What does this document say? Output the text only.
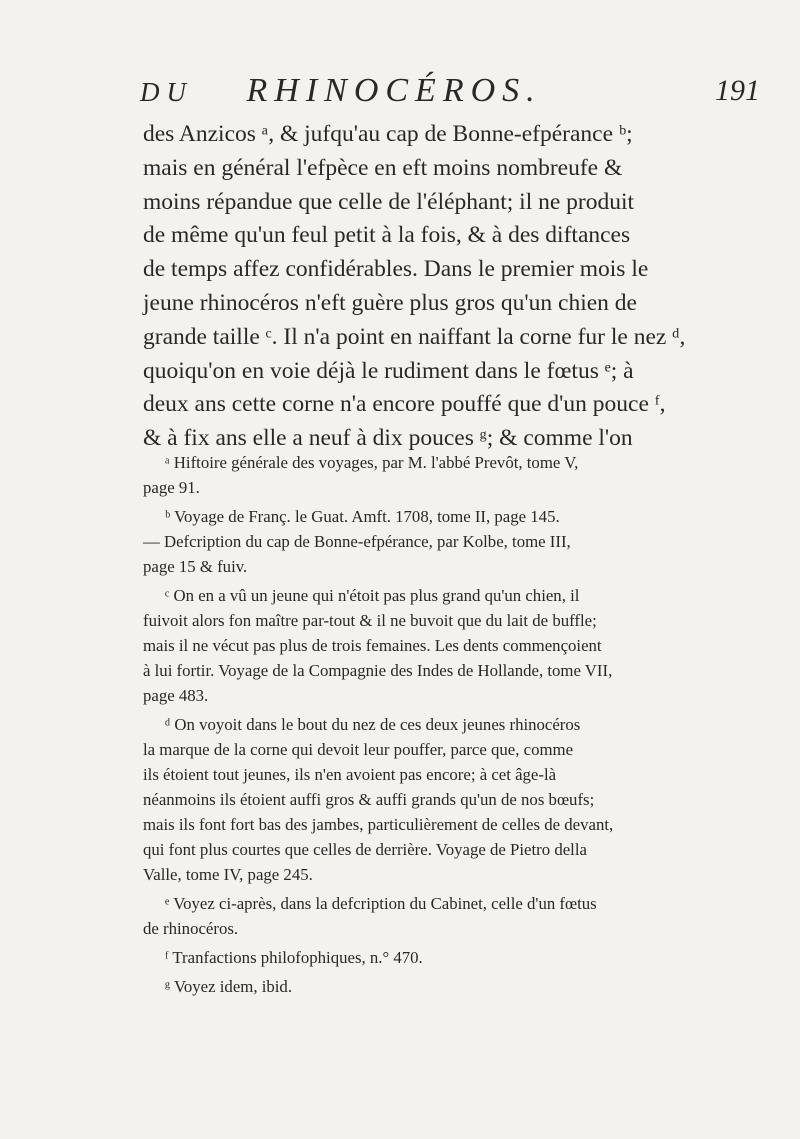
DU RHINOCÉROS.	191
des Anzicos ᵃ, & jufqu'au cap de Bonne-efpérance ᵇ;
mais en général l'efpèce en eft moins nombreufe &
moins répandue que celle de l'éléphant; il ne produit
de même qu'un feul petit à la fois, & à des diftances
de temps affez confidérables. Dans le premier mois le
jeune rhinocéros n'eft guère plus gros qu'un chien de
grande taille ᶜ. Il n'a point en naiffant la corne fur le nez ᵈ,
quoiqu'on en voie déjà le rudiment dans le fœtus ᵉ; à
deux ans cette corne n'a encore pouffé que d'un pouce ᶠ,
& à fix ans elle a neuf à dix pouces ᵍ; & comme l'on
ᵃ Hiftoire générale des voyages, par M. l'abbé Prevôt, tome V,
page 91.
ᵇ Voyage de Franç. le Guat. Amft. 1708, tome II, page 145.
— Defcription du cap de Bonne-efpérance, par Kolbe, tome III,
page 15 & fuiv.
ᶜ On en a vû un jeune qui n'étoit pas plus grand qu'un chien, il
fuivoit alors fon maître par-tout & il ne buvoit que du lait de buffle;
mais il ne vécut pas plus de trois femaines. Les dents commençoient
à lui fortir. Voyage de la Compagnie des Indes de Hollande, tome VII,
page 483.
ᵈ On voyoit dans le bout du nez de ces deux jeunes rhinocéros
la marque de la corne qui devoit leur pouffer, parce que, comme
ils étoient tout jeunes, ils n'en avoient pas encore; à cet âge-là
néanmoins ils étoient auffi gros & auffi grands qu'un de nos bœufs;
mais ils font fort bas des jambes, particulièrement de celles de devant,
qui font plus courtes que celles de derrière. Voyage de Pietro della
Valle, tome IV, page 245.
ᵉ Voyez ci-après, dans la defcription du Cabinet, celle d'un fœtus
de rhinocéros.
ᶠ Tranfactions philofophiques, n.° 470.
ᵍ Voyez idem, ibid.
